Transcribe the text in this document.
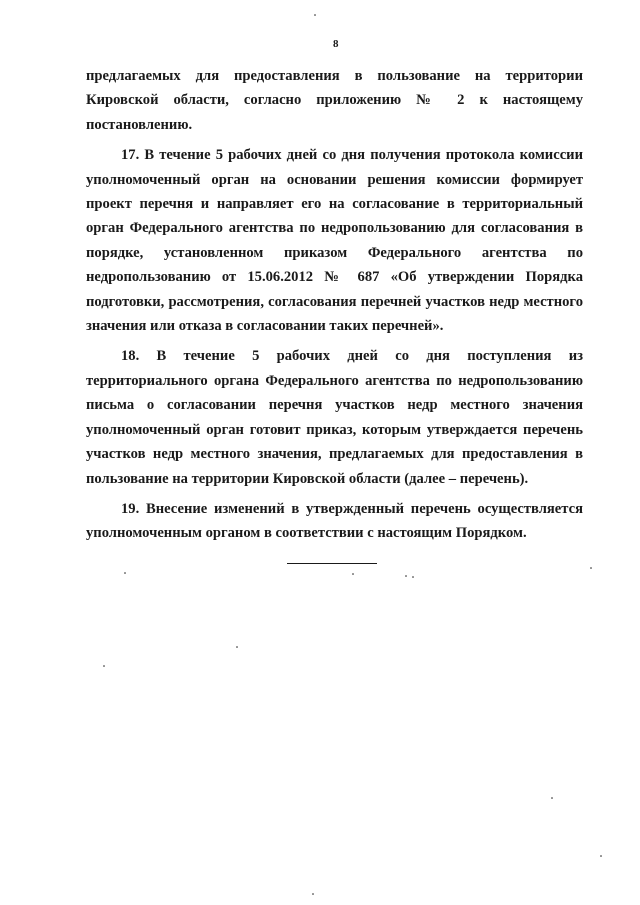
8

предлагаемых для предоставления в пользование на территории Кировской области, согласно приложению № 2 к настоящему постановлению.

17. В течение 5 рабочих дней со дня получения протокола комиссии уполномоченный орган на основании решения комиссии формирует проект перечня и направляет его на согласование в территориальный орган Федерального агентства по недропользованию для согласования в порядке, установленном приказом Федерального агентства по недропользованию от 15.06.2012 № 687 «Об утверждении Порядка подготовки, рассмотрения, согласования перечней участков недр местного значения или отказа в согласовании таких перечней».

18. В течение 5 рабочих дней со дня поступления из территориального органа Федерального агентства по недропользованию письма о согласовании перечня участков недр местного значения уполномоченный орган готовит приказ, которым утверждается перечень участков недр местного значения, предлагаемых для предоставления в пользование на территории Кировской области (далее – перечень).

19. Внесение изменений в утвержденный перечень осуществляется уполномоченным органом в соответствии с настоящим Порядком.
